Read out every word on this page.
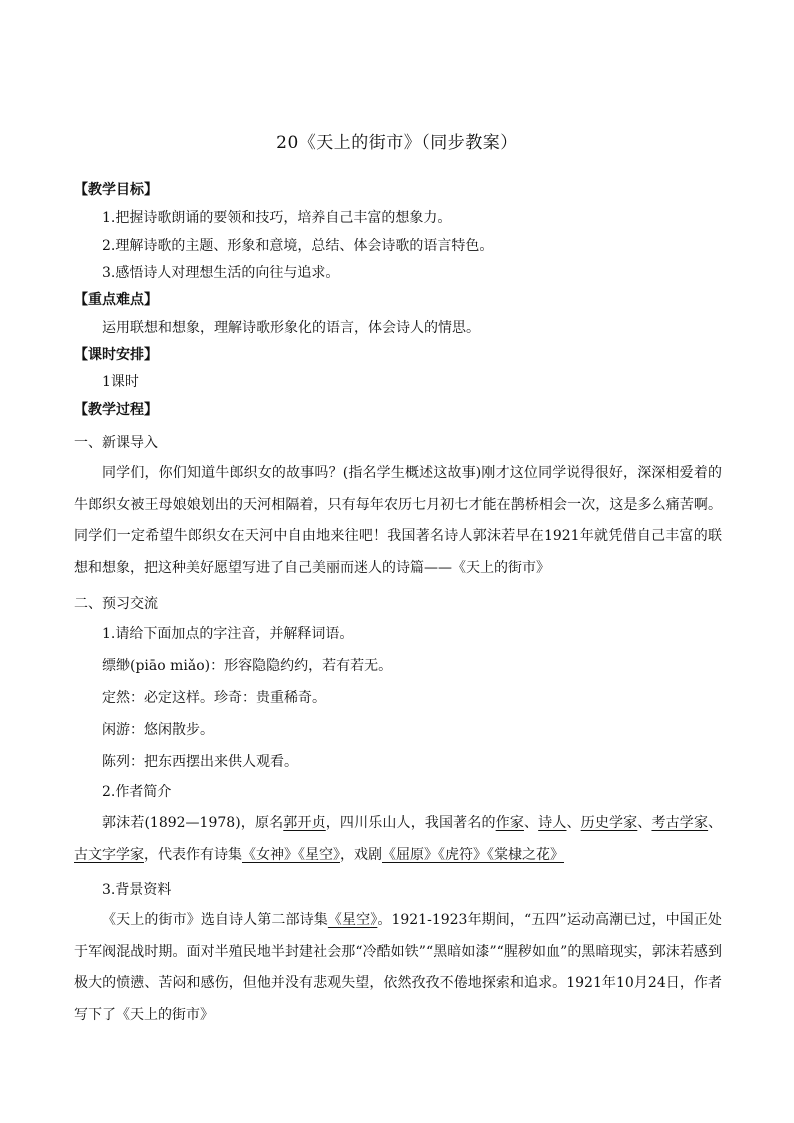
20《天上的街市》（同步教案）
【教学目标】
1.把握诗歌朗诵的要领和技巧，培养自己丰富的想象力。
2.理解诗歌的主题、形象和意境，总结、体会诗歌的语言特色。
3.感悟诗人对理想生活的向往与追求。
【重点难点】
运用联想和想象，理解诗歌形象化的语言，体会诗人的情思。
【课时安排】
1课时
【教学过程】
一、新课导入
同学们，你们知道牛郎织女的故事吗？(指名学生概述这故事)刚才这位同学说得很好，深深相爱着的牛郎织女被王母娘娘划出的天河相隔着，只有每年农历七月初七才能在鹊桥相会一次，这是多么痛苦啊。同学们一定希望牛郎织女在天河中自由地来往吧！我国著名诗人郭沫若早在1921年就凭借自己丰富的联想和想象，把这种美好愿望写进了自己美丽而迷人的诗篇——《天上的街市》
二、预习交流
1.请给下面加点的字注音，并解释词语。
缥缈(piāo miǎo)：形容隐隐约约，若有若无。
定然：必定这样。珍奇：贵重稀奇。
闲游：悠闲散步。
陈列：把东西摆出来供人观看。
2.作者简介
郭沫若(1892—1978)，原名郭开贞，四川乐山人，我国著名的作家、诗人、历史学家、考古学家、古文字学家，代表作有诗集《女神》《星空》，戏剧《屈原》《虎符》《棠棣之花》
3.背景资料
《天上的街市》选自诗人第二部诗集《星空》。1921-1923年期间，“五四”运动高潮已过，中国正处于军阀混战时期。面对半殖民地半封建社会那“冷酷如铁”“黑暗如漆”“腥秽如血”的黑暗现实，郭沫若感到极大的愤懑、苦闷和感伤，但他并没有悲观失望，依然孜孜不倦地探索和追求。1921年10月24日，作者写下了《天上的街市》
